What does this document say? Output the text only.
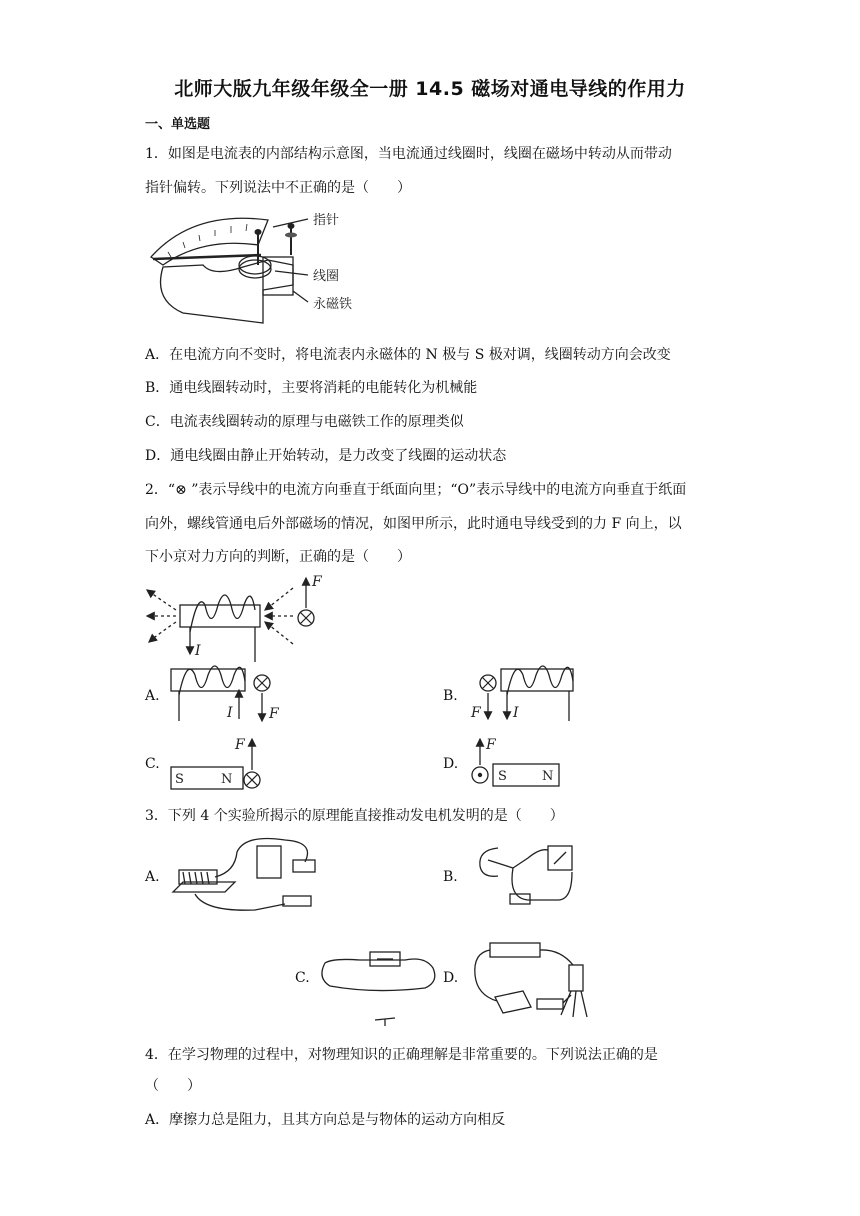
北师大版九年级年级全一册 14.5 磁场对通电导线的作用力
一、单选题
1．如图是电流表的内部结构示意图，当电流通过线圈时，线圈在磁场中转动从而带动
指针偏转。下列说法中不正确的是（　　）
指针
线圈
永磁铁
A．在电流方向不变时，将电流表内永磁体的 N 极与 S 极对调，线圈转动方向会改变
B．通电线圈转动时，主要将消耗的电能转化为机械能
C．电流表线圈转动的原理与电磁铁工作的原理类似
D．通电线圈由静止开始转动，是力改变了线圈的运动状态
2．“⊗ ”表示导线中的电流方向垂直于纸面向里；“O”表示导线中的电流方向垂直于纸面
向外，螺线管通电后外部磁场的情况，如图甲所示，此时通电导线受到的力 F 向上，以
下小京对力方向的判断，正确的是（　　）
I
F
A.
I	F
B.
F I
C.
S	N
F
D.
F
S	N
3．下列 4 个实验所揭示的原理能直接推动发电机发明的是（　　）
A.	B.
C.	D.
4．在学习物理的过程中，对物理知识的正确理解是非常重要的。下列说法正确的是
（　　）
A．摩擦力总是阻力，且其方向总是与物体的运动方向相反
